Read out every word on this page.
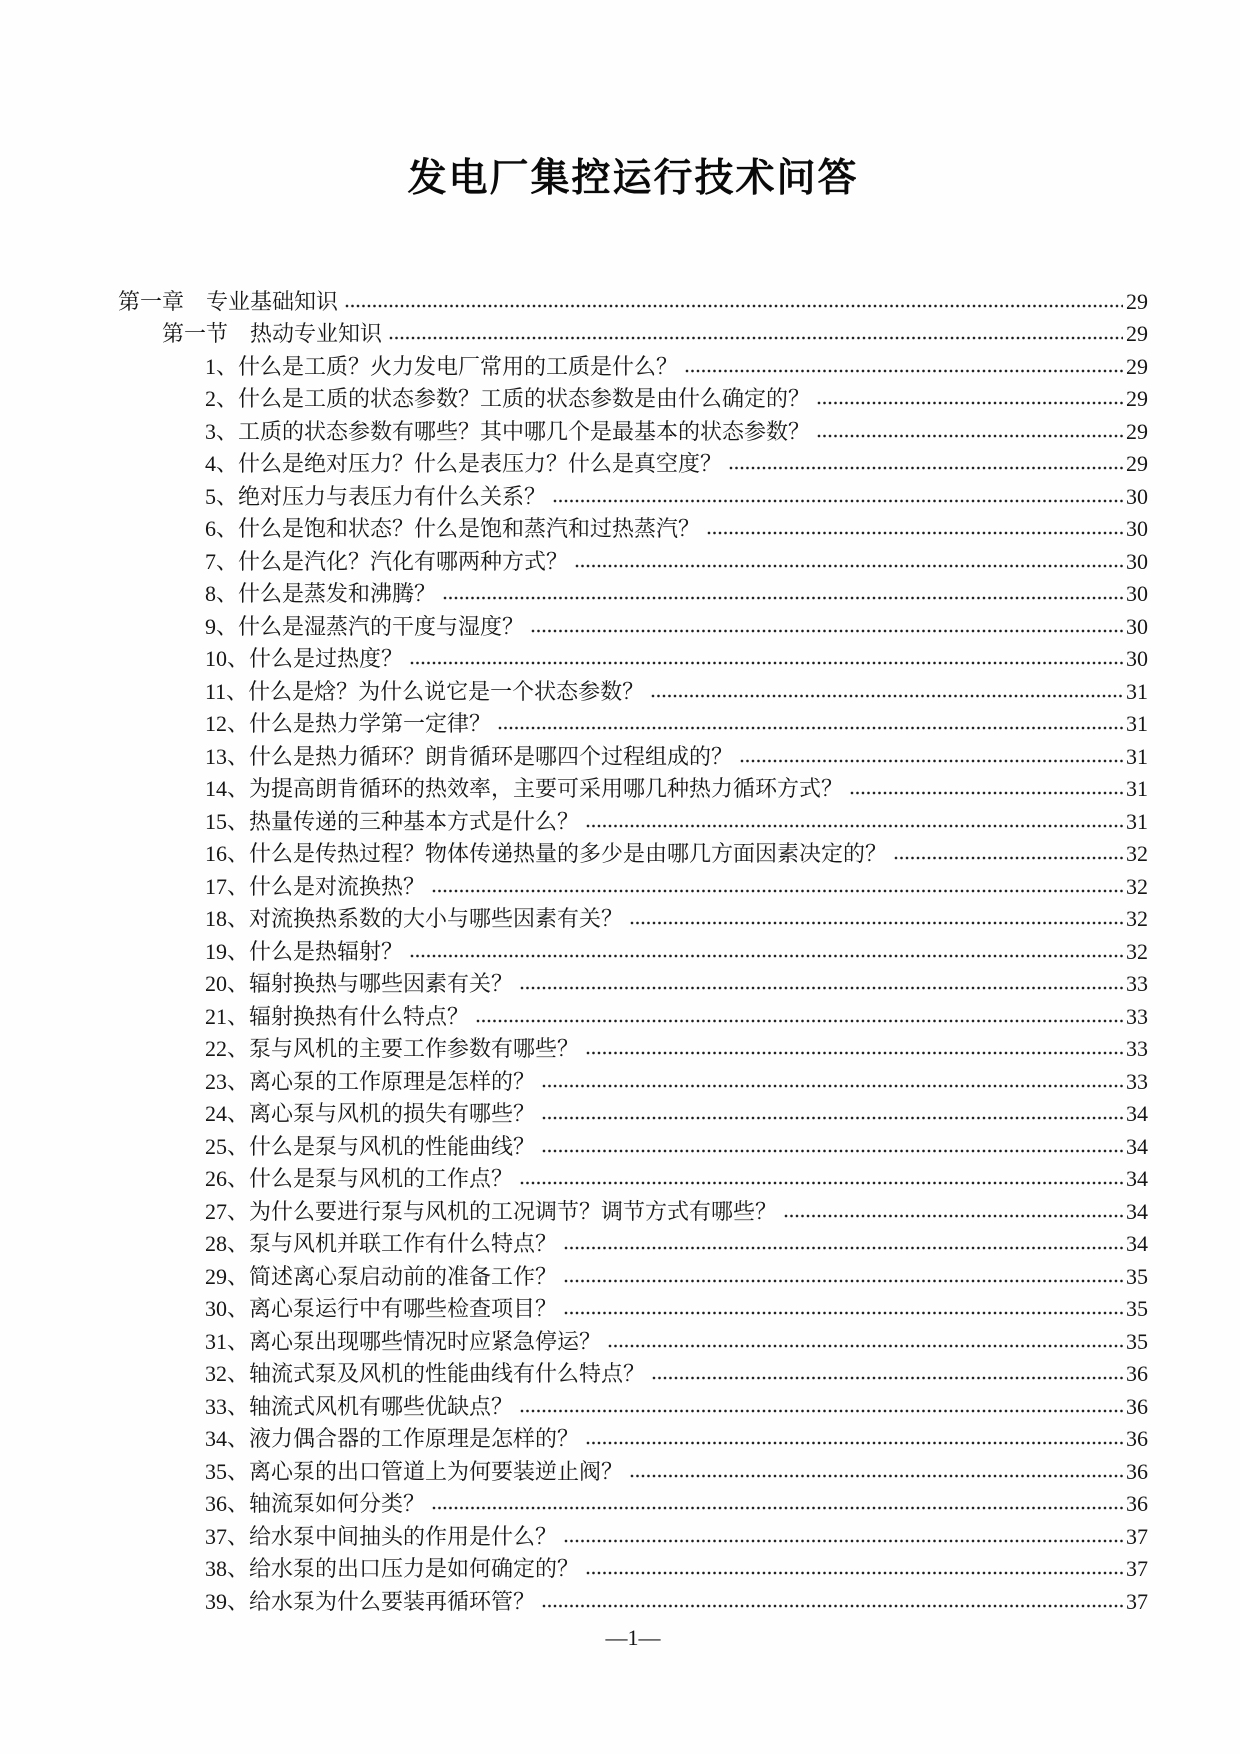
发电厂集控运行技术问答
第一章　专业基础知识	29
第一节　热动专业知识	29
1、什么是工质？火力发电厂常用的工质是什么？	29
2、什么是工质的状态参数？工质的状态参数是由什么确定的？	29
3、工质的状态参数有哪些？其中哪几个是最基本的状态参数？	29
4、什么是绝对压力？什么是表压力？什么是真空度？	29
5、绝对压力与表压力有什么关系？	30
6、什么是饱和状态？什么是饱和蒸汽和过热蒸汽？	30
7、什么是汽化？汽化有哪两种方式？	30
8、什么是蒸发和沸腾？	30
9、什么是湿蒸汽的干度与湿度？	30
10、什么是过热度？	30
11、什么是焓？为什么说它是一个状态参数？	31
12、什么是热力学第一定律？	31
13、什么是热力循环？朗肯循环是哪四个过程组成的？	31
14、为提高朗肯循环的热效率，主要可采用哪几种热力循环方式？	31
15、热量传递的三种基本方式是什么？	31
16、什么是传热过程？物体传递热量的多少是由哪几方面因素决定的？	32
17、什么是对流换热？	32
18、对流换热系数的大小与哪些因素有关？	32
19、什么是热辐射？	32
20、辐射换热与哪些因素有关？	33
21、辐射换热有什么特点？	33
22、泵与风机的主要工作参数有哪些？	33
23、离心泵的工作原理是怎样的？	33
24、离心泵与风机的损失有哪些？	34
25、什么是泵与风机的性能曲线？	34
26、什么是泵与风机的工作点？	34
27、为什么要进行泵与风机的工况调节？调节方式有哪些？	34
28、泵与风机并联工作有什么特点？	34
29、简述离心泵启动前的准备工作？	35
30、离心泵运行中有哪些检查项目？	35
31、离心泵出现哪些情况时应紧急停运？	35
32、轴流式泵及风机的性能曲线有什么特点？	36
33、轴流式风机有哪些优缺点？	36
34、液力偶合器的工作原理是怎样的？	36
35、离心泵的出口管道上为何要装逆止阀？	36
36、轴流泵如何分类？	36
37、给水泵中间抽头的作用是什么？	37
38、给水泵的出口压力是如何确定的？	37
39、给水泵为什么要装再循环管？	37
—1—
